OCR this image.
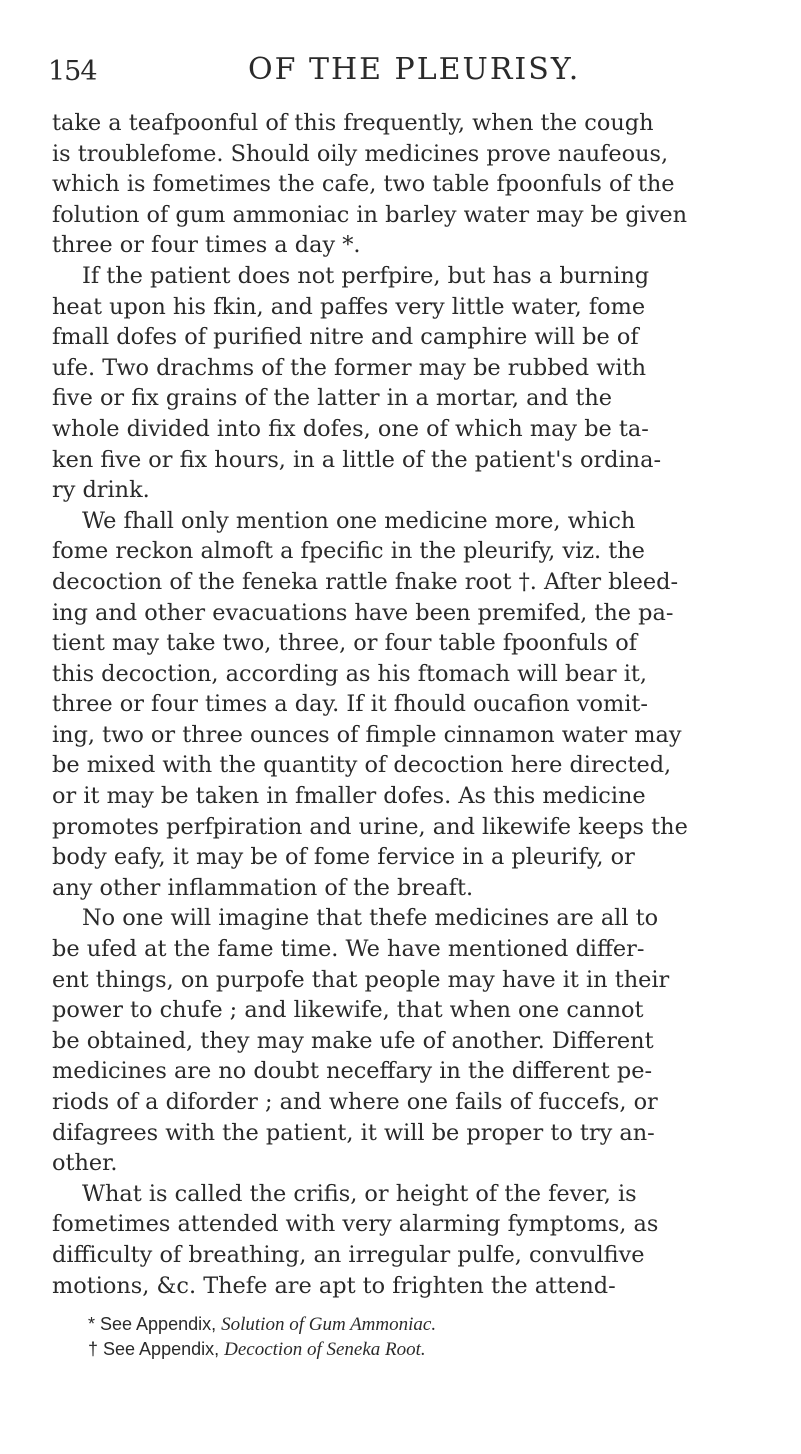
154	OF THE PLEURISY.
take a teafpoonful of this frequently, when the cough
is troublefome. Should oily medicines prove naufeous,
which is fometimes the cafe, two table fpoonfuls of the
folution of gum ammoniac in barley water may be given
three or four times a day *.
If the patient does not perfpire, but has a burning
heat upon his fkin, and paffes very little water, fome
fmall dofes of purified nitre and camphire will be of
ufe. Two drachms of the former may be rubbed with
five or fix grains of the latter in a mortar, and the
whole divided into fix dofes, one of which may be ta-
ken five or fix hours, in a little of the patient's ordina-
ry drink.
We fhall only mention one medicine more, which
fome reckon almoft a fpecific in the pleurify, viz. the
decoction of the feneka rattle fnake root †. After bleed-
ing and other evacuations have been premifed, the pa-
tient may take two, three, or four table fpoonfuls of
this decoction, according as his ftomach will bear it,
three or four times a day. If it fhould oucafion vomit-
ing, two or three ounces of fimple cinnamon water may
be mixed with the quantity of decoction here directed,
or it may be taken in fmaller dofes. As this medicine
promotes perfpiration and urine, and likewife keeps the
body eafy, it may be of fome fervice in a pleurify, or
any other inflammation of the breaft.
No one will imagine that thefe medicines are all to
be ufed at the fame time. We have mentioned differ-
ent things, on purpofe that people may have it in their
power to chufe ; and likewife, that when one cannot
be obtained, they may make ufe of another. Different
medicines are no doubt neceffary in the different pe-
riods of a diforder ; and where one fails of fuccefs, or
difagrees with the patient, it will be proper to try an-
other.
What is called the crifis, or height of the fever, is
fometimes attended with very alarming fymptoms, as
difficulty of breathing, an irregular pulfe, convulfive
motions, &c. Thefe are apt to frighten the attend-
* See Appendix, Solution of Gum Ammoniac.
† See Appendix, Decoction of Seneka Root.
